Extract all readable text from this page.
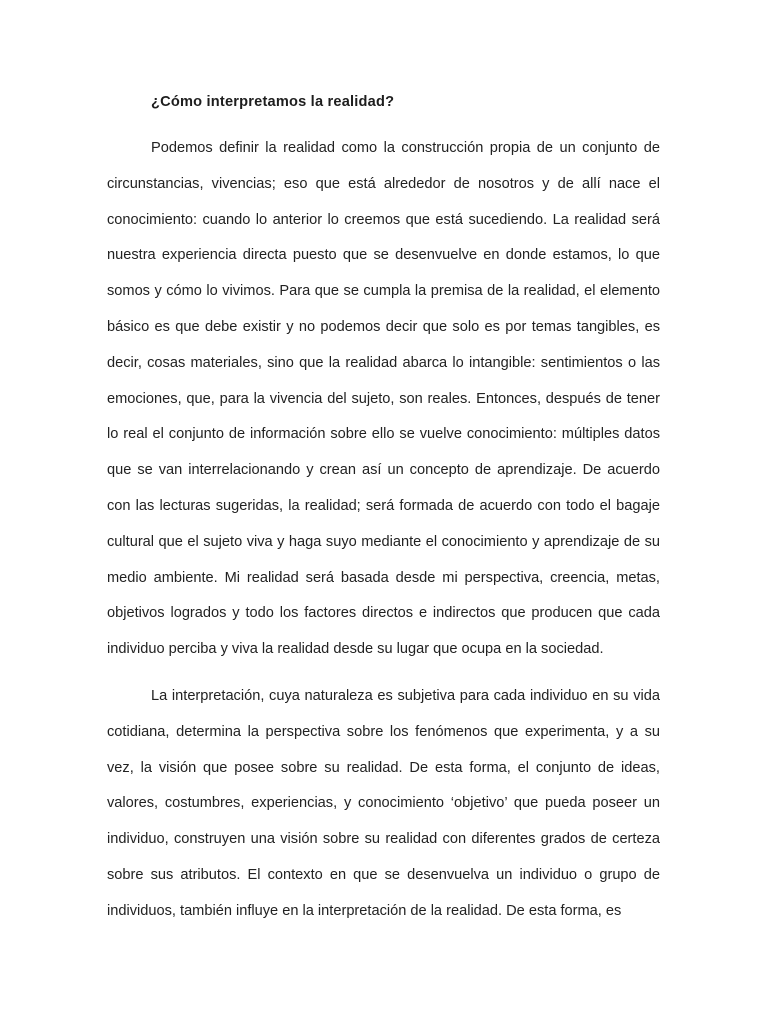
¿Cómo interpretamos la realidad?

Podemos definir la realidad como la construcción propia de un conjunto de circunstancias, vivencias; eso que está alrededor de nosotros y de allí nace el conocimiento: cuando lo anterior lo creemos que está sucediendo. La realidad será nuestra experiencia directa puesto que se desenvuelve en donde estamos, lo que somos y cómo lo vivimos. Para que se cumpla la premisa de la realidad, el elemento básico es que debe existir y no podemos decir que solo es por temas tangibles, es decir, cosas materiales, sino que la realidad abarca lo intangible: sentimientos o las emociones, que, para la vivencia del sujeto, son reales. Entonces, después de tener lo real el conjunto de información sobre ello se vuelve conocimiento: múltiples datos que se van interrelacionando y crean así un concepto de aprendizaje. De acuerdo con las lecturas sugeridas, la realidad; será formada de acuerdo con todo el bagaje cultural que el sujeto viva y haga suyo mediante el conocimiento y aprendizaje de su medio ambiente. Mi realidad será basada desde mi perspectiva, creencia, metas, objetivos logrados y todo los factores directos e indirectos que producen que cada individuo perciba y viva la realidad desde su lugar que ocupa en la sociedad.

La interpretación, cuya naturaleza es subjetiva para cada individuo en su vida cotidiana, determina la perspectiva sobre los fenómenos que experimenta, y a su vez, la visión que posee sobre su realidad. De esta forma, el conjunto de ideas, valores, costumbres, experiencias, y conocimiento ‘objetivo’ que pueda poseer un individuo, construyen una visión sobre su realidad con diferentes grados de certeza sobre sus atributos. El contexto en que se desenvuelva un individuo o grupo de individuos, también influye en la interpretación de la realidad. De esta forma, es
